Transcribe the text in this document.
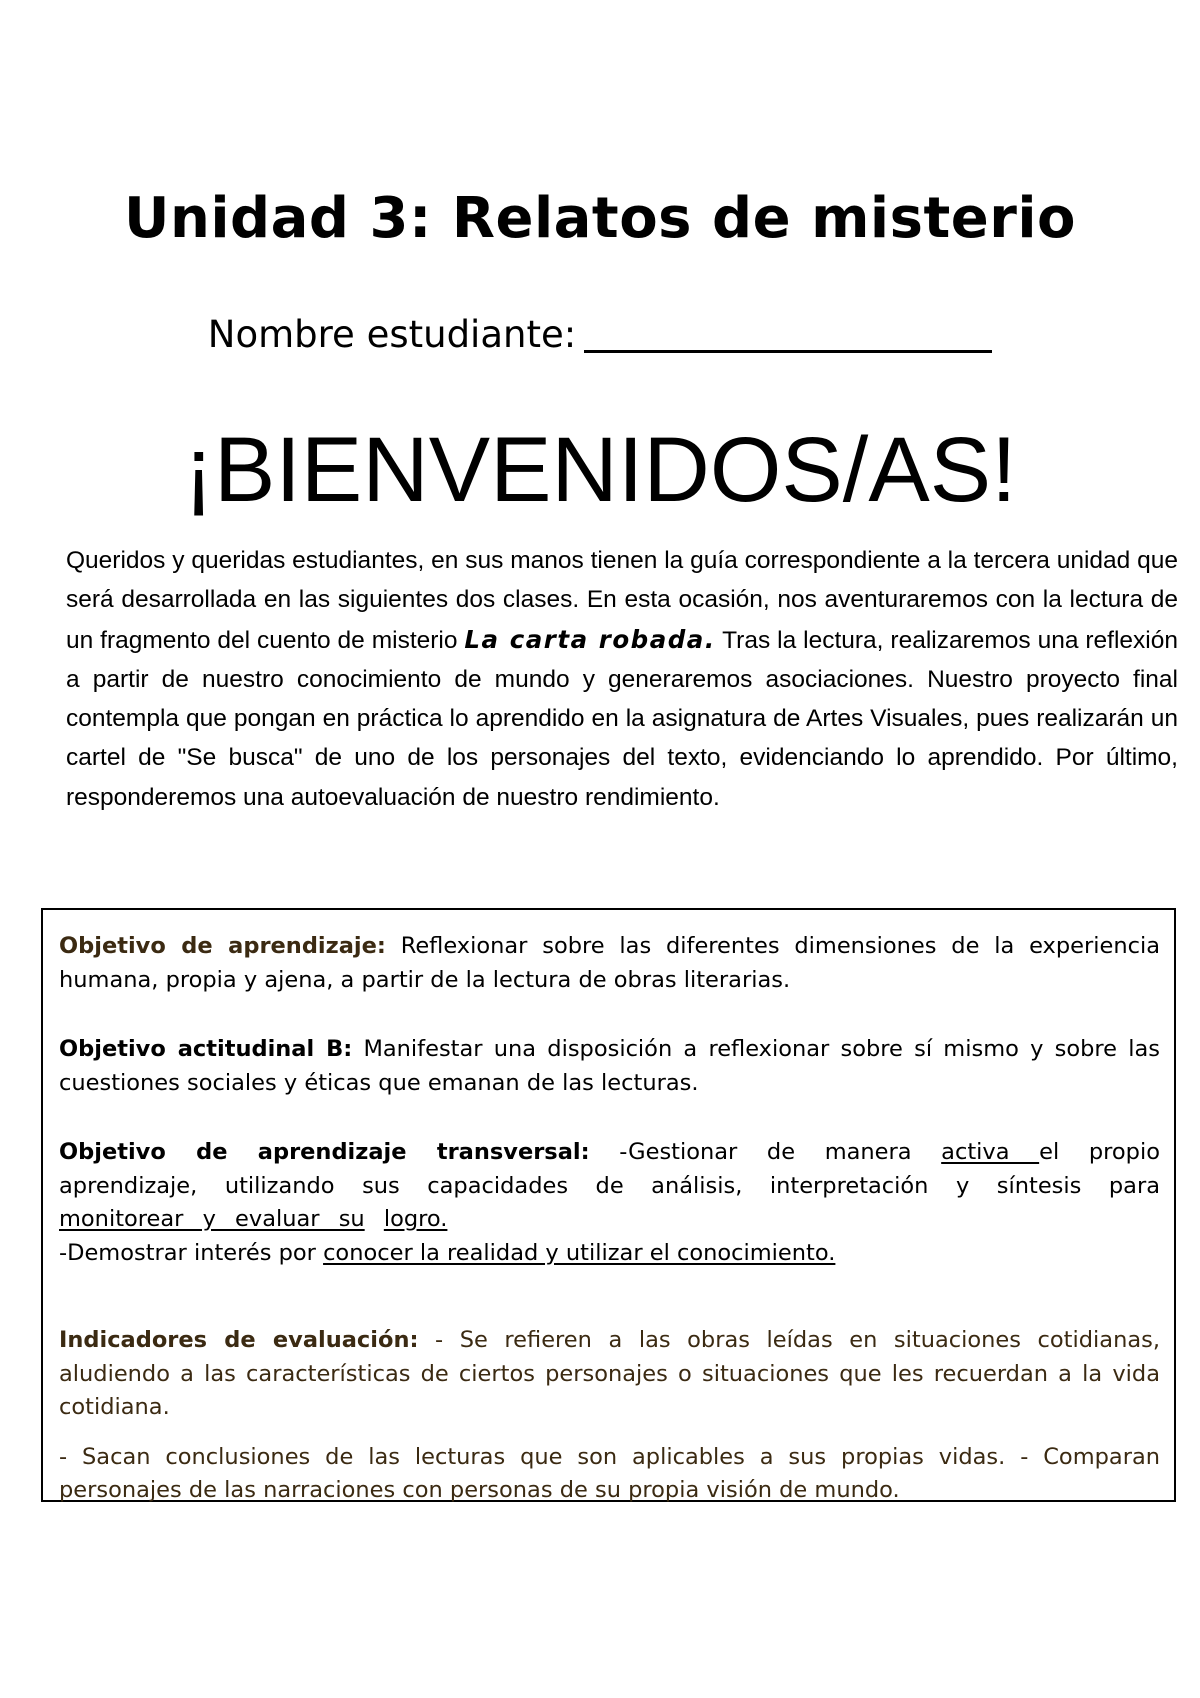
Unidad 3: Relatos de misterio
Nombre estudiante:
¡BIENVENIDOS/AS!

Queridos y queridas estudiantes, en sus manos tienen la guía correspondiente a la tercera unidad que será desarrollada en las siguientes dos clases. En esta ocasión, nos aventuraremos con la lectura de un fragmento del cuento de misterio La carta robada. Tras la lectura, realizaremos una reflexión a partir de nuestro conocimiento de mundo y generaremos asociaciones. Nuestro proyecto final contempla que pongan en práctica lo aprendido en la asignatura de Artes Visuales, pues realizarán un cartel de "Se busca" de uno de los personajes del texto, evidenciando lo aprendido. Por último, responderemos una autoevaluación de nuestro rendimiento.

Objetivo de aprendizaje: Reflexionar sobre las diferentes dimensiones de la experiencia humana, propia y ajena, a partir de la lectura de obras literarias.

Objetivo actitudinal B: Manifestar una disposición a reflexionar sobre sí mismo y sobre las cuestiones sociales y éticas que emanan de las lecturas.

Objetivo de aprendizaje transversal: -Gestionar de manera activa el propio aprendizaje, utilizando sus capacidades de análisis, interpretación y síntesis para monitorear y evaluar su logro.

-Demostrar interés por conocer la realidad y utilizar el conocimiento.

Indicadores de evaluación: - Se refieren a las obras leídas en situaciones cotidianas, aludiendo a las características de ciertos personajes o situaciones que les recuerdan a la vida cotidiana.

- Sacan conclusiones de las lecturas que son aplicables a sus propias vidas. - Comparan personajes de las narraciones con personas de su propia visión de mundo.
